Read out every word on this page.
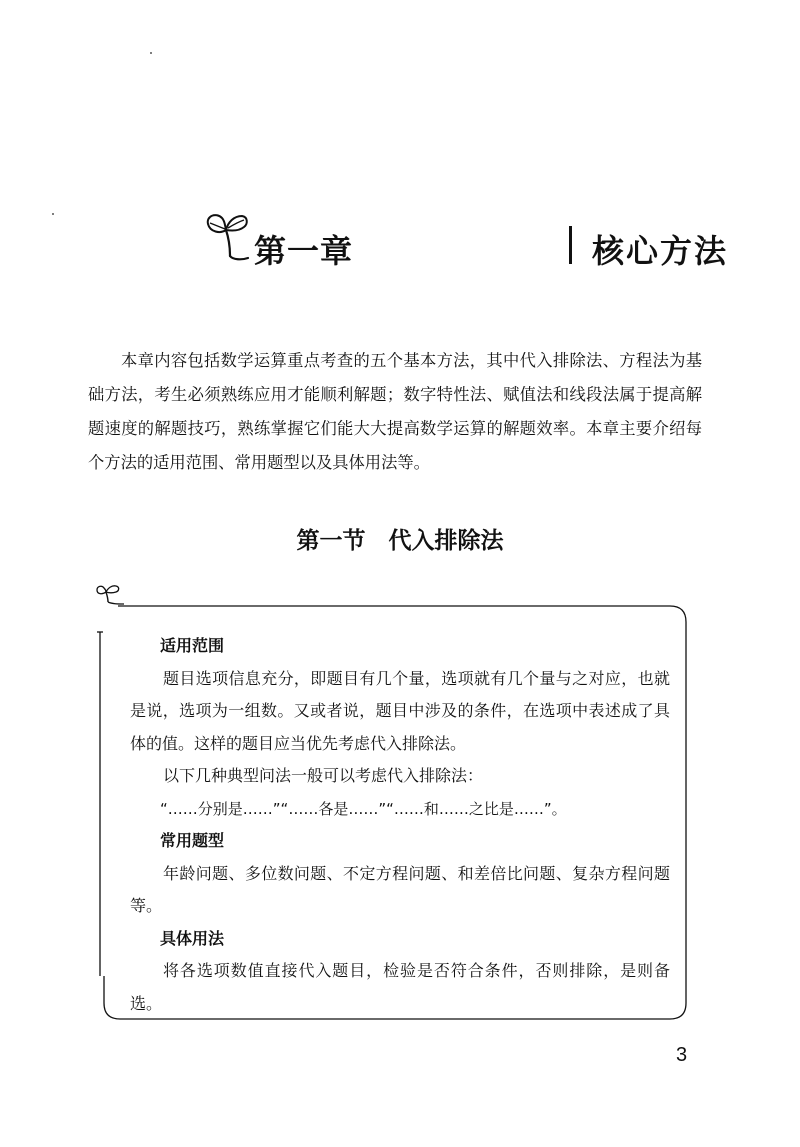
第一章	核心方法

本章内容包括数学运算重点考查的五个基本方法，其中代入排除法、方程法为基础方法，考生必须熟练应用才能顺利解题；数字特性法、赋值法和线段法属于提高解题速度的解题技巧，熟练掌握它们能大大提高数学运算的解题效率。本章主要介绍每个方法的适用范围、常用题型以及具体用法等。

第一节　代入排除法

适用范围

题目选项信息充分，即题目有几个量，选项就有几个量与之对应，也就是说，选项为一组数。又或者说，题目中涉及的条件，在选项中表述成了具体的值。这样的题目应当优先考虑代入排除法。

以下几种典型问法一般可以考虑代入排除法：

“……分别是……”“……各是……”“……和……之比是……”。

常用题型

年龄问题、多位数问题、不定方程问题、和差倍比问题、复杂方程问题等。

具体用法

将各选项数值直接代入题目，检验是否符合条件，否则排除，是则备选。

3
